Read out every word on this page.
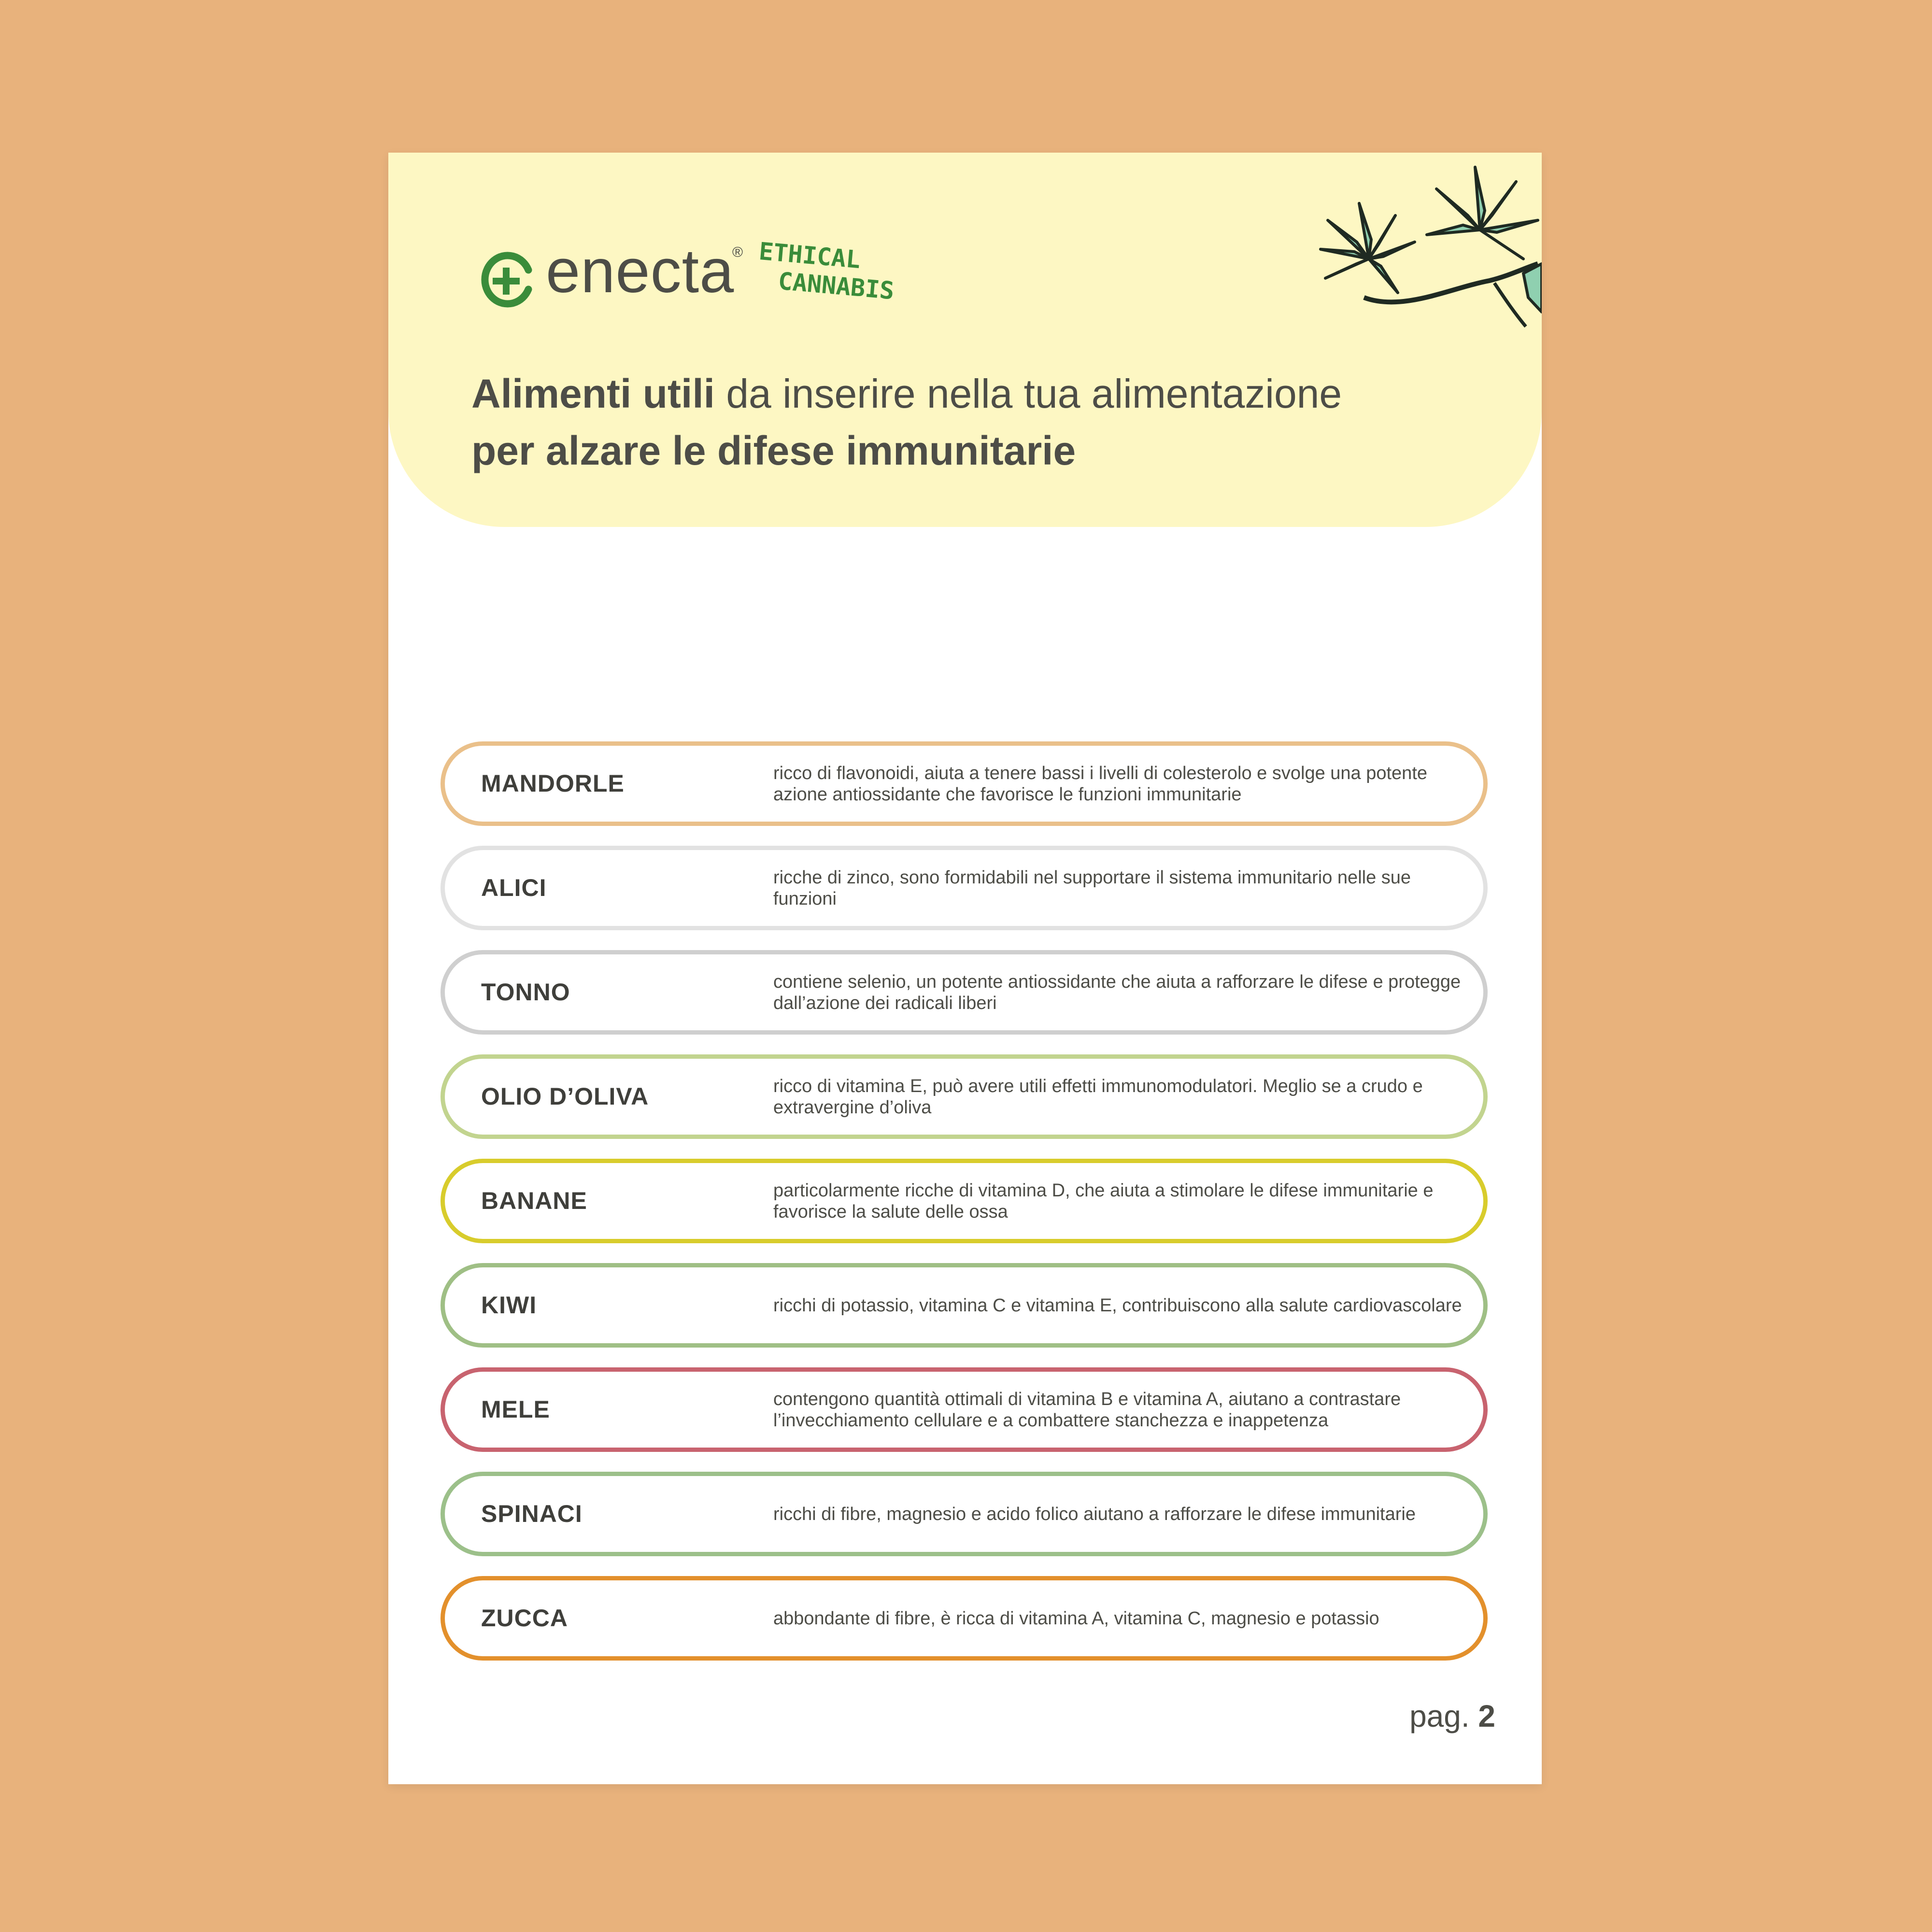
enecta
® ETHICAL
CANNABIS
Alimenti utili da inserire nella tua alimentazione
per alzare le difese immunitarie
MANDORLE	ricco di flavonoidi, aiuta a tenere bassi i livelli di colesterolo e svolge una potente azione antiossidante che favorisce le funzioni immunitarie
ALICI	ricche di zinco, sono formidabili nel supportare il sistema immunitario nelle sue funzioni
TONNO	contiene selenio, un potente antiossidante che aiuta a rafforzare le difese e protegge dall’azione dei radicali liberi
OLIO D’OLIVA	ricco di vitamina E, può avere utili effetti immunomodulatori. Meglio se a crudo e extravergine d’oliva
BANANE	particolarmente ricche di vitamina D, che aiuta a stimolare le difese immunitarie e favorisce la salute delle ossa
KIWI	ricchi di potassio, vitamina C e vitamina E, contribuiscono alla salute cardiovascolare
MELE	contengono quantità ottimali di vitamina B e vitamina A, aiutano a contrastare l’invecchiamento cellulare e a combattere stanchezza e inappetenza
SPINACI	ricchi di fibre, magnesio e acido folico aiutano a rafforzare le difese immunitarie
ZUCCA	abbondante di fibre, è ricca di vitamina A, vitamina C, magnesio e potassio
pag. 2
